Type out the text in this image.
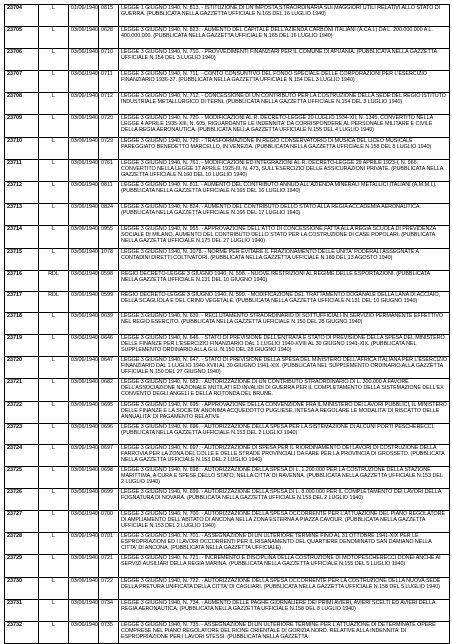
23704	L	01/06/1940	0815	LEGGE 1 GIUGNO 1940, N. 813. - ISTITUZIONE DI UN'IMPOSTA STRAORDINARIA SUI MAGGIORI UTILI RELATIVI ALLO STATO DI GUERRA. (PUBBLICATA NELLA GAZZETTA UFFICIALE N.165 DEL 16 LUGLIO 1940)
23705	L	03/06/1940	0628	LEGGE 3 GIUGNO 1940, N. 823. - AUMENTO DEL CAPITALE DELL'AZIENDA CARBONI ITALIANI (A.CA.I.) DA L. 200.000.000 A L. 400.000.000. (PUBBLICATA NELLA GAZZETTA UFFICIALE N.165 DEL 16 LUGLIO 1940)
23706	L	03/06/1940	0710	LEGGE 3 GIUGNO 1940, N. 710. - PROVVEDIMENTI FINANZIARI PER IL COMUNE DI APUANIA. (PUBBLICATA NELLA GAZZETTA UFFICIALE N.154 DEL 3 LUGLIO 1940)
23707	L	03/06/1940	0711	LEGGE 3 GIUGNO 1940, N. 711. - CONTO CONSUNTIVO DEL FONDO SPECIALE DELLE CORPORAZIONI PER L'ESERCIZIO FINANZIARIO 1936-37. (PUBBLICATA NELLA GAZZETTA UFFICIALE N.154 DEL 3 LUGLIO 1940)
23708	L	03/06/1940	0712	LEGGE 3 GIUGNO 1940, N. 712. - CONCESSIONE DI UN CONTRIBUTO PER LA COSTRUZIONE DELLA SEDE DEL REGIO ISTITUTO INDUSTRIALE METALLURGICO DI TERNI. (PUBBLICATA NELLA GAZZETTA UFFICIALE N.154 DEL 3 LUGLIO 1940)
23709	L	03/06/1940	0720	LEGGE 3 GIUGNO 1940, N. 720. - MODIFICAZIONI AL R. DECRETO-LEGGE 20 LUGLIO 1934-XII, N. 1345, CONVERTITO NELLA LEGGE 4 APRILE 1935-XIII, N. 605, RIGUARDANTE LE INDENNITA' DA CORRISPONDERE AL PERSONALE MILITARE E CIVILE DELLA REGIA AERONAUTICA. (PUBBLICATA NELLA GAZZETTA UFFICIALE N.155 DEL 4 LUGLIO 1940)
23710	L	03/06/1940	0729	LEGGE 3 GIUGNO 1940, N. 729. - TRASFORMAZIONE IN REGIO CONSERVATORIO DI MUSICA DEL LICEO MUSICALE PAREGGIATO BENEDETTO MARCELLO, IN VENEZIA. (PUBBLICATA NELLA GAZZETTA UFFICIALE N.158 DEL 8 LUGLIO 1940)
23711	L	03/06/1940	0761	LEGGE 3 GIUGNO 1940, N. 761. - MODIFICAZIONI ED INTEGRAZIONI AL R. DECRETO-LEGGE 29 APRILE 1923-I, N. 966, CONVERTITO NELLA LEGGE 17 APRILE 1925-III, N. 473, SULL'ESERCIZIO DELLE ASSICURAZIONI PRIVATE. (PUBBLICATA NELLA GAZZETTA UFFICIALE N.160 DEL 10 LUGLIO 1940)
23712	L	03/06/1940	0811	LEGGE 3 GIUGNO 1940, N. 811. - AUMENTO DEL CONTRIBUTO ANNUO ALL'AZIENDA MINERALI METALLICI ITALIANI (A.M.M.I.). (PUBBLICATA NELLA GAZZETTA UFFICIALE N.165 DEL 16 LUGLIO 1940)
23713	L	03/06/1940	0824	LEGGE 3 GIUGNO 1940, N. 824. - AUMENTO DEL CONTRIBUTO DELLO STATO ALLA REGIA ACCADEMIA AERONAUTICA. (PUBBLICATA NELLA GAZZETTA UFFICIALE N.166 DEL 17 LUGLIO 1940)
23714	L	03/06/1940	0955	LEGGE 3 GIUGNO 1940, N. 955. - APPROVAZIONE DELL'ATTO DI CONCESSIONE FATTA ALLA REGIA SCUOLA DI PREVIDENZA SOCIALE DI MILANO. AUMENTO DEL CONTRIBUTO DELLO STATO PER LA COSTRUZIONE DI CASE POPOLARI. (PUBBLICATA NELLA GAZZETTA UFFICIALE N.175 DEL 27 LUGLIO 1940)
23715	L	03/06/1940	1078	LEGGE 3 GIUGNO 1940, N. 1078. - NORME PER EVITARE IL FRAZIONAMENTO DELLE UNITA' PODERALI ASSEGNATE A CONTADINI DIRETTI COLTIVATORI. (PUBBLICATA NELLA GAZZETTA UFFICIALE N.189 DEL 13 AGOSTO 1940)
23716	RDL	03/06/1940	0598	REGIO DECRETO-LEGGE 3 GIUGNO 1940, N. 598. - NUOVE RESTRIZIONI AL REGIME DELLE ESPORTAZIONI. (PUBBLICATA NELLA GAZZETTA UFFICIALE N.131 DEL 10 GIUGNO 1940)
23717	RDL	03/06/1940	0599	REGIO DECRETO-LEGGE 3 GIUGNO 1940, N. 599. - MODIFICAZIONE DEL TRATTAMENTO DOGANALE DELLA LANA DI ACCIAIO, DELLA SCAGLIOLA E DEL CRINO VEGETALE. (PUBBLICATA NELLA GAZZETTA UFFICIALE N.131 DEL 10 GIUGNO 1940)
23718	L	03/06/1940	0639	LEGGE 3 GIUGNO 1940, N. 639. - RECLUTAMENTO STRAORDINARIO DI SOTTUFFICIALI IN SERVIZIO PERMANENTE EFFETTIVO NEL REGIO ESERCITO. (PUBBLICATA NELLA GAZZETTA UFFICIALE N.150 DEL 28 GIUGNO 1940)
23719	L	03/06/1940	0646	LEGGE 3 GIUGNO 1940, N. 646. - STATO DI PREVISIONE DELL'ENTRATA E STATO DI PREVISIONE DELLA SPESA DEL MINISTERO DELLE FINANZE PER L'ESERCIZIO FINANZIARIO DAL 1 LUGLIO 1940-XVIII AL 30 GIUGNO 1941-XIX. (PUBBLICATA NEL SUPPLEMENTO ORDINARIO ALLA G.U. N.150 DEL 28 GIUGNO 1940)
23720	L	03/06/1940	0647	LEGGE 3 GIUGNO 1940, N. 647. - STATO DI PREVISIONE DELLA SPESA DEL MINISTERO DELL'AFRICA ITALIANA PER L'ESERCIZIO FINANZIARIO DAL 1 LUGLIO 1940-XVIII AL 30 GIUGNO 1941-XIX. (PUBBLICATA NEL SUPPLEMENTO ORDINARIO ALLA GAZZETTA UFFICIALE N.150 DEL 27 GIUGNO 1940)
23721	L	03/06/1940	0682	LEGGE 3 GIUGNO 1940, N. 682. - AUTORIZZAZIONE DI UN CONTRIBUTO STRAORDINARIO DI L. 300.000 A FAVORE DELL'ASSOCIAZIONE NAZIONALE MUTILATI ED INVALIDI DI GUERRA PER IL COMPLETAMENTO DELLA SISTEMAZIONE DELL'EX CONVENTO DEGLI ANGELI E DELLA ROTONDA DEL BRUNE.
23722	L	03/06/1940	0695	LEGGE 3 GIUGNO 1940, N. 695. - APPROVAZIONE DELLA CONVENZIONE FRA IL MINISTERO DEI LAVORI PUBBLICI, IL MINISTERO DELLE FINANZE E LA SOCIETA' ANONIMA ACQUEDOTTO PUGLIESE, INTESA A REGOLARE LE MODALITA' DI RISCATTO DELLE ANNUALITA' DI PAGAMENTO RELATIVE
23723	L	03/06/1940	0696	LEGGE 3 GIUGNO 1940, N. 696. - AUTORIZZAZIONE DELLA SPESA PER LA SISTEMAZIONE DI ALCUNI PORTI PESCHERECCI. (PUBBLICATA NELLA GAZZETTA UFFICIALE N.153 DEL 2 LUGLIO 1940)
23724	L	03/06/1940	0697	LEGGE 3 GIUGNO 1940, N. 697. - AUTORIZZAZIONE DI SPESA PER IL RIORDINAMENTO DEI LAVORI DI COSTRUZIONE DELLA FARROVIA PER LA ZONA DEL COLLE E DELLE STRADE PROVINCIALI DA FARE PER LA PROVINCIA DI GROSSETO. (PUBBLICATA NELLA GAZZETTA UFFICIALE N.153 DEL 2 LUGLIO 1940)
23725	L	03/06/1940	0698	LEGGE 3 GIUGNO 1940, N. 698. - AUTORIZZAZIONE DELLA SPESA DI L. 1.200.000 PER LA COSTRUZIONE DELLA STAZIONE MARITTIMA, A CURA E SPESE DELLO STATO, NELLA CITTA' DI RAVENNA. (PUBBLICATA NELLA GAZZETTA UFFICIALE N.153 DEL 2 LUGLIO 1940)
23726	L	03/06/1940	0699	LEGGE 3 GIUGNO 1940, N. 699. - AUTORIZZAZIONE DELLA SPESA DI L. 8.000.000 PER IL COMPLETAMENTO DEI LAVORI DELLA FOGNATURA DI NOVARA. (PUBBLICATA NELLA GAZZETTA UFFICIALE N.153 DEL 2 LUGLIO 1940)
23727	L	03/06/1940	0700	LEGGE 3 GIUGNO 1940, N. 700. - AUTORIZZAZIONE DELLA SPESA OCCORRENTE PER L'ATTUAZIONE DEL PIANO REGOLATORE DI AMPLIAMENTO DELL'ABITATO DI ANCONA NELLA ZONA ESTERNA A PIAZZA CAVOUR. (PUBBLICATA NELLA GAZZETTA UFFICIALE N.153 DEL 2 LUGLIO 1940)
23728	L	03/06/1940	0701	LEGGE 3 GIUGNO 1940, N. 701. - ASSEGNAZIONE DI UN ULTERIORE TERMINE FINO AL 31 OTTOBRE 1941-XIX PER LE ESPROPRIAZIONI ED I LAVORI OCCORRENTI PER IL RISANAMENTO DEL QUARTIERE DENOMINATO SAN DAMIANO NELLA CITTA' DI ANCONA. (PUBBLICATA NELLA GAZZETTA UFFICIALE)
23729	L	03/06/1940	0721	LEGGE 3 GIUGNO 1940, N. 721. - INCREMENTO E DISCIPLINA DELLA COSTRUZIONE DI MOTOPESCHERECCI DONEI ANCHE AI SERVIZI AUSILIARI DELLA REGIA MARINA. (PUBBLICATA NELLA GAZZETTA UFFICIALE N.155 DEL 5 LUGLIO 1940)
23730	L	03/06/1940	0722	LEGGE 3 GIUGNO 1940, N. 722. - AUTORIZZAZIONE DELLA SPESA OCCORRENTE PER LA COSTRUZIONE DELLA NUOVA SEDE DELLA PRETURA UNIFICATA DELLA CITTA' DI CAGLIARI. (PUBBLICATA NELLA GAZZETTA UFFICIALE N.158 DEL 5 LUGLIO 1940)
23731	L	03/06/1940	0734	LEGGE 3 GIUGNO 1940, N. 734. - AUMENTO DELLE PAGHE GIORNALIERE DEI PRIMI AVIERI, AVIERI SCELTI ED AVIERI DELLA REGIA AERONAUTICA. (PUBBLICATA NELLA GAZZETTA UFFICIALE N.158 DEL 8 LUGLIO 1940)
23732	L	03/06/1940	0735	LEGGE 3 GIUGNO 1940, N. 735. - ASSEGNAZIONE DI UN ULTERIORE TERMINE PER L'ATTUAZIONE DI DETERMINATE OPERE COMPRESE NEL PIANO REGOLATORE DEL RIONE ORIENTALE DI GORIZIA NORD. RELATIVE ALLA INDENNITA' DI ESPROPRIAZIONE PER I LAVORI STESSI. (PUBBLICATA NELLA GAZZETTA
